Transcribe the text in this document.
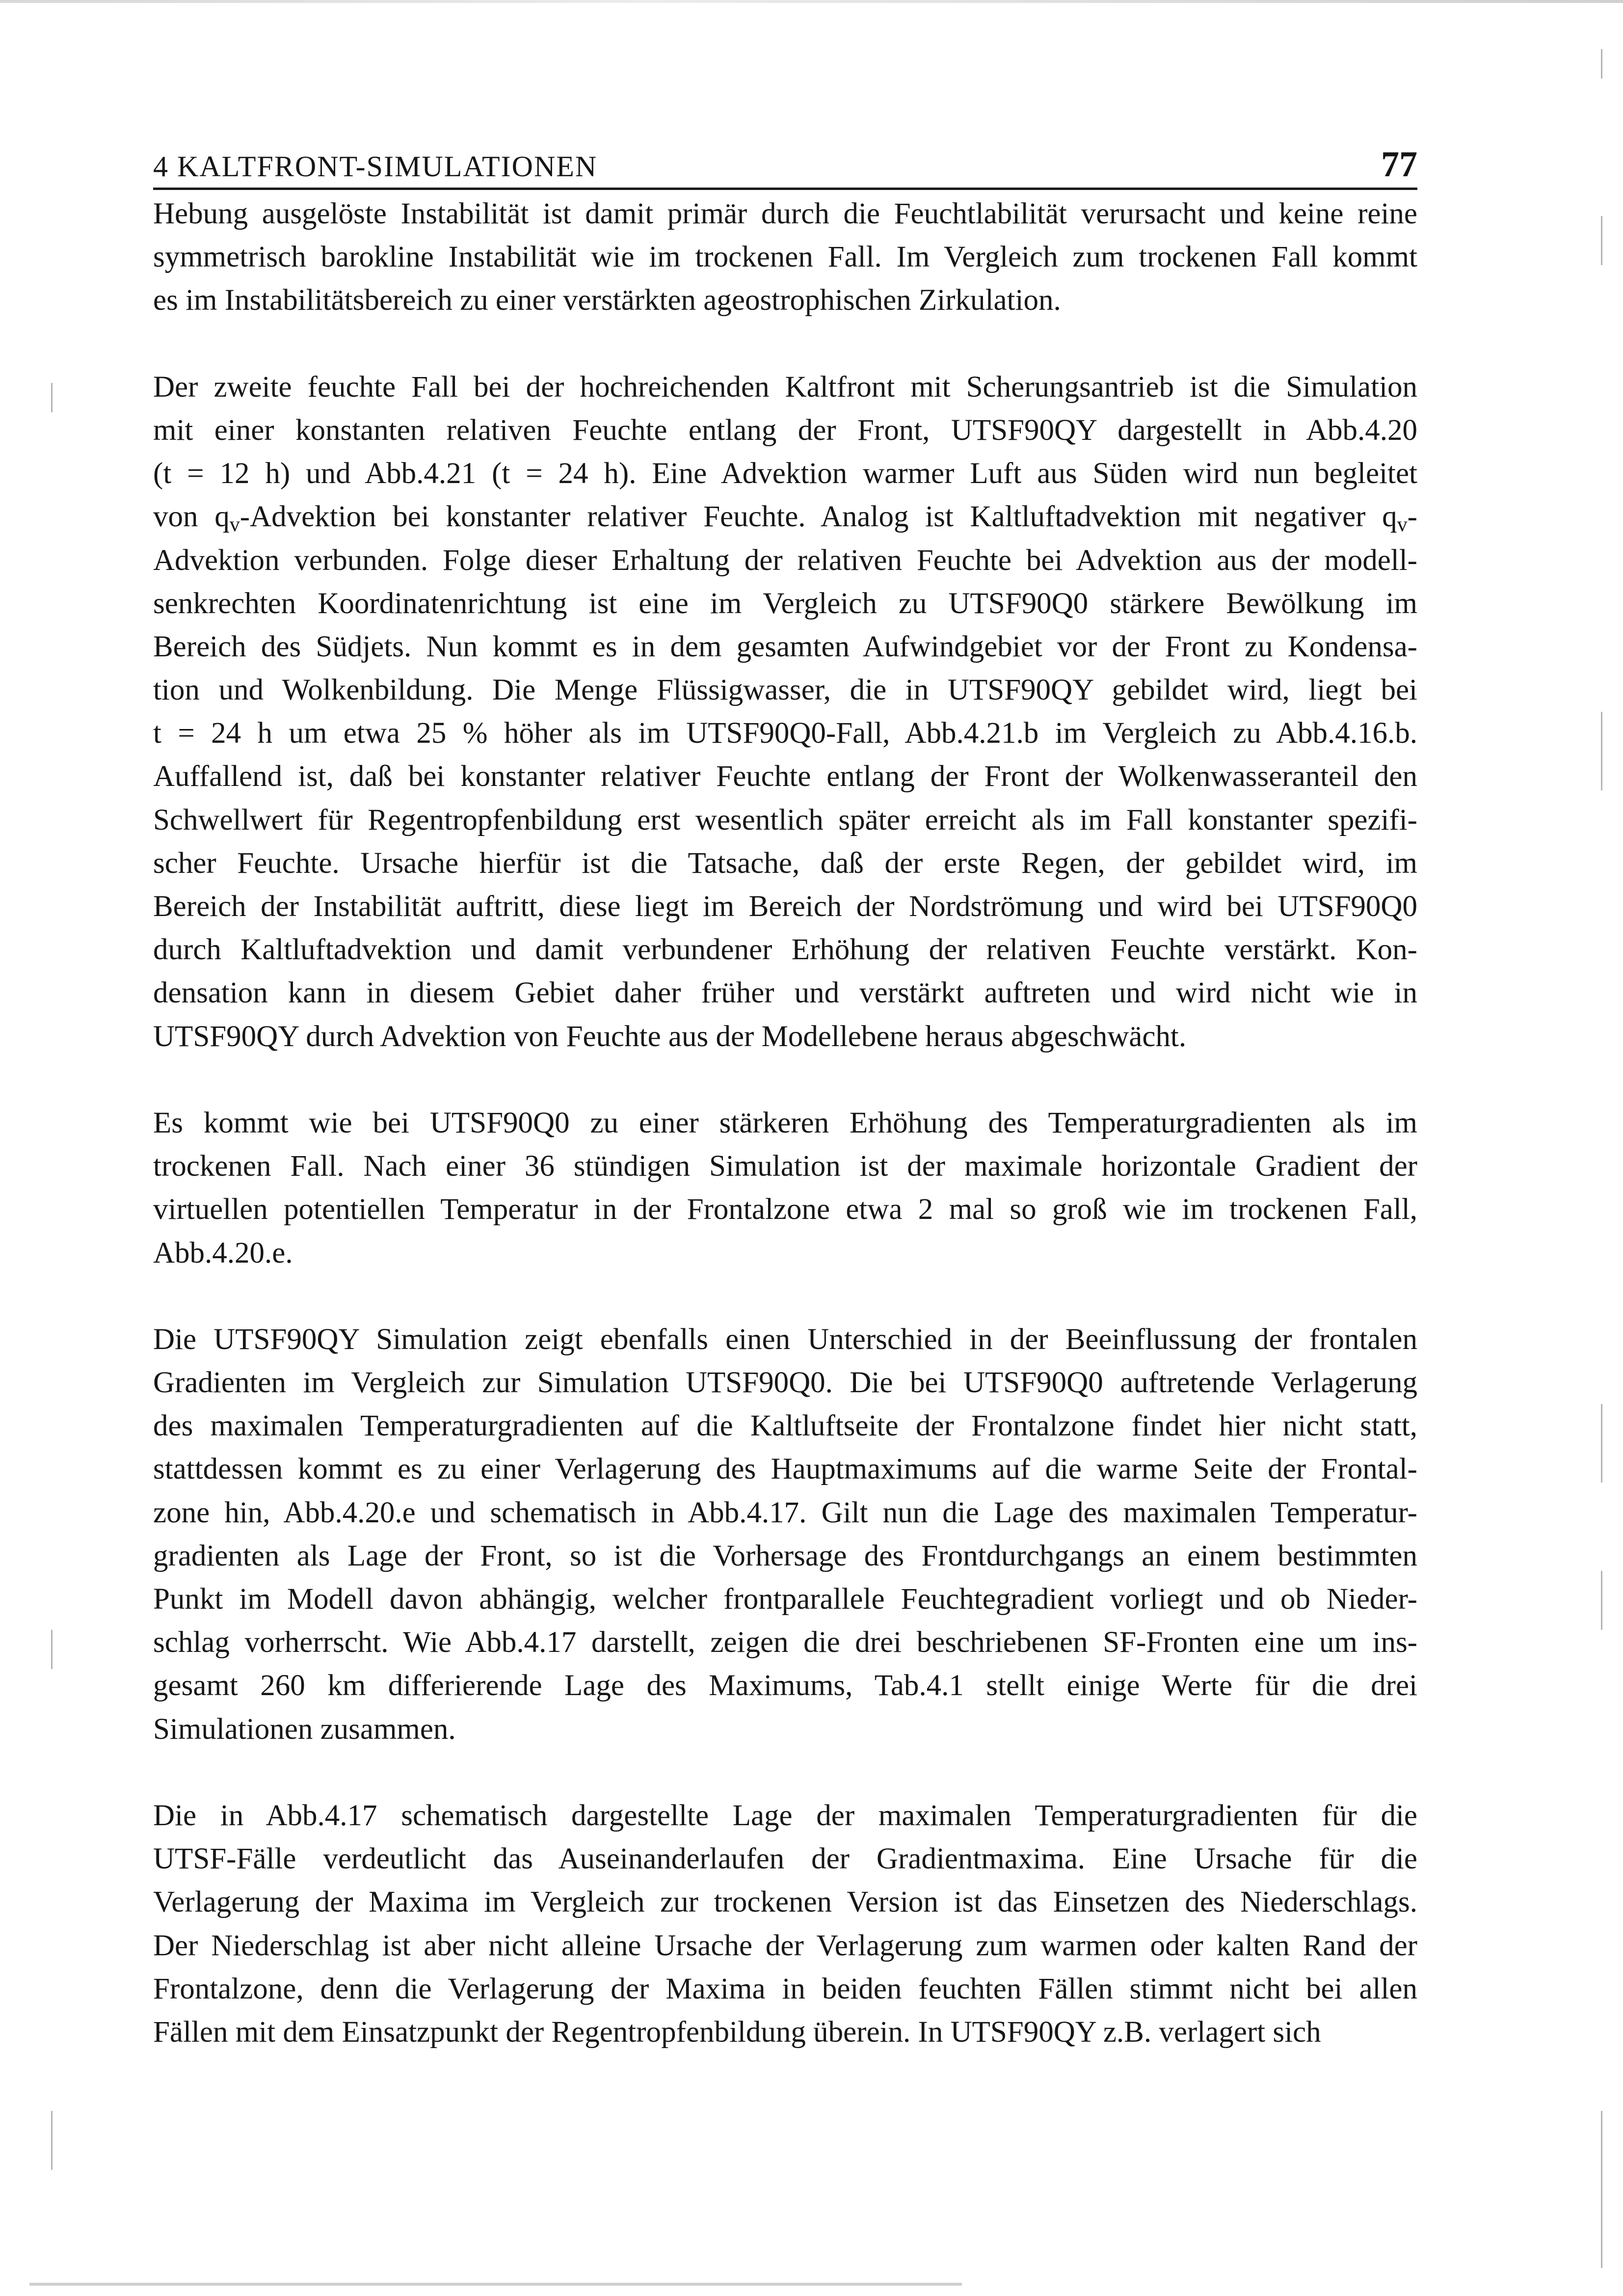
4 KALTFRONT-SIMULATIONEN	77
Hebung ausgelöste Instabilität ist damit primär durch die Feuchtlabilität verursacht und keine reine
symmetrisch barokline Instabilität wie im trockenen Fall. Im Vergleich zum trockenen Fall kommt
es im Instabilitätsbereich zu einer verstärkten ageostrophischen Zirkulation.
Der zweite feuchte Fall bei der hochreichenden Kaltfront mit Scherungsantrieb ist die Simulation
mit einer konstanten relativen Feuchte entlang der Front, UTSF90QY dargestellt in Abb.4.20
(t = 12 h) und Abb.4.21 (t = 24 h). Eine Advektion warmer Luft aus Süden wird nun begleitet
von $q_v$-Advektion bei konstanter relativer Feuchte. Analog ist Kaltluftadvektion mit negativer $q_v-$
Advektion verbunden. Folge dieser Erhaltung der relativen Feuchte bei Advektion aus der modell-
senkrechten Koordinatenrichtung ist eine im Vergleich zu UTSF90Q0 stärkere Bewölkung im
Bereich des Südjets. Nun kommt es in dem gesamten Aufwindgebiet vor der Front zu Kondensa-
tion und Wolkenbildung. Die Menge Flüssigwasser, die in UTSF90QY gebildet wird, liegt bei
t = 24 h um etwa 25 % höher als im UTSF90Q0-Fall, Abb.4.21.b im Vergleich zu Abb.4.16.b.
Auffallend ist, daß bei konstanter relativer Feuchte entlang der Front der Wolkenwasseranteil den
Schwellwert für Regentropfenbildung erst wesentlich später erreicht als im Fall konstanter spezifi-
scher Feuchte. Ursache hierfür ist die Tatsache, daß der erste Regen, der gebildet wird, im
Bereich der Instabilität auftritt, diese liegt im Bereich der Nordströmung und wird bei UTSF90Q0
durch Kaltluftadvektion und damit verbundener Erhöhung der relativen Feuchte verstärkt. Kon-
densation kann in diesem Gebiet daher früher und verstärkt auftreten und wird nicht wie in
UTSF90QY durch Advektion von Feuchte aus der Modellebene heraus abgeschwächt.
Es kommt wie bei UTSF90Q0 zu einer stärkeren Erhöhung des Temperaturgradienten als im
trockenen Fall. Nach einer 36 stündigen Simulation ist der maximale horizontale Gradient der
virtuellen potentiellen Temperatur in der Frontalzone etwa 2 mal so groß wie im trockenen Fall,
Abb.4.20.e.
Die UTSF90QY Simulation zeigt ebenfalls einen Unterschied in der Beeinflussung der frontalen
Gradienten im Vergleich zur Simulation UTSF90Q0. Die bei UTSF90Q0 auftretende Verlagerung
des maximalen Temperaturgradienten auf die Kaltluftseite der Frontalzone findet hier nicht statt,
stattdessen kommt es zu einer Verlagerung des Hauptmaximums auf die warme Seite der Frontal-
zone hin, Abb.4.20.e und schematisch in Abb.4.17. Gilt nun die Lage des maximalen Temperatur-
gradienten als Lage der Front, so ist die Vorhersage des Frontdurchgangs an einem bestimmten
Punkt im Modell davon abhängig, welcher frontparallele Feuchtegradient vorliegt und ob Nieder-
schlag vorherrscht. Wie Abb.4.17 darstellt, zeigen die drei beschriebenen SF-Fronten eine um ins-
gesamt 260 km differierende Lage des Maximums, Tab.4.1 stellt einige Werte für die drei
Simulationen zusammen.
Die in Abb.4.17 schematisch dargestellte Lage der maximalen Temperaturgradienten für die
UTSF-Fälle verdeutlicht das Auseinanderlaufen der Gradientmaxima. Eine Ursache für die
Verlagerung der Maxima im Vergleich zur trockenen Version ist das Einsetzen des Niederschlags.
Der Niederschlag ist aber nicht alleine Ursache der Verlagerung zum warmen oder kalten Rand der
Frontalzone, denn die Verlagerung der Maxima in beiden feuchten Fällen stimmt nicht bei allen
Fällen mit dem Einsatzpunkt der Regentropfenbildung überein. In UTSF90QY z.B. verlagert sich
